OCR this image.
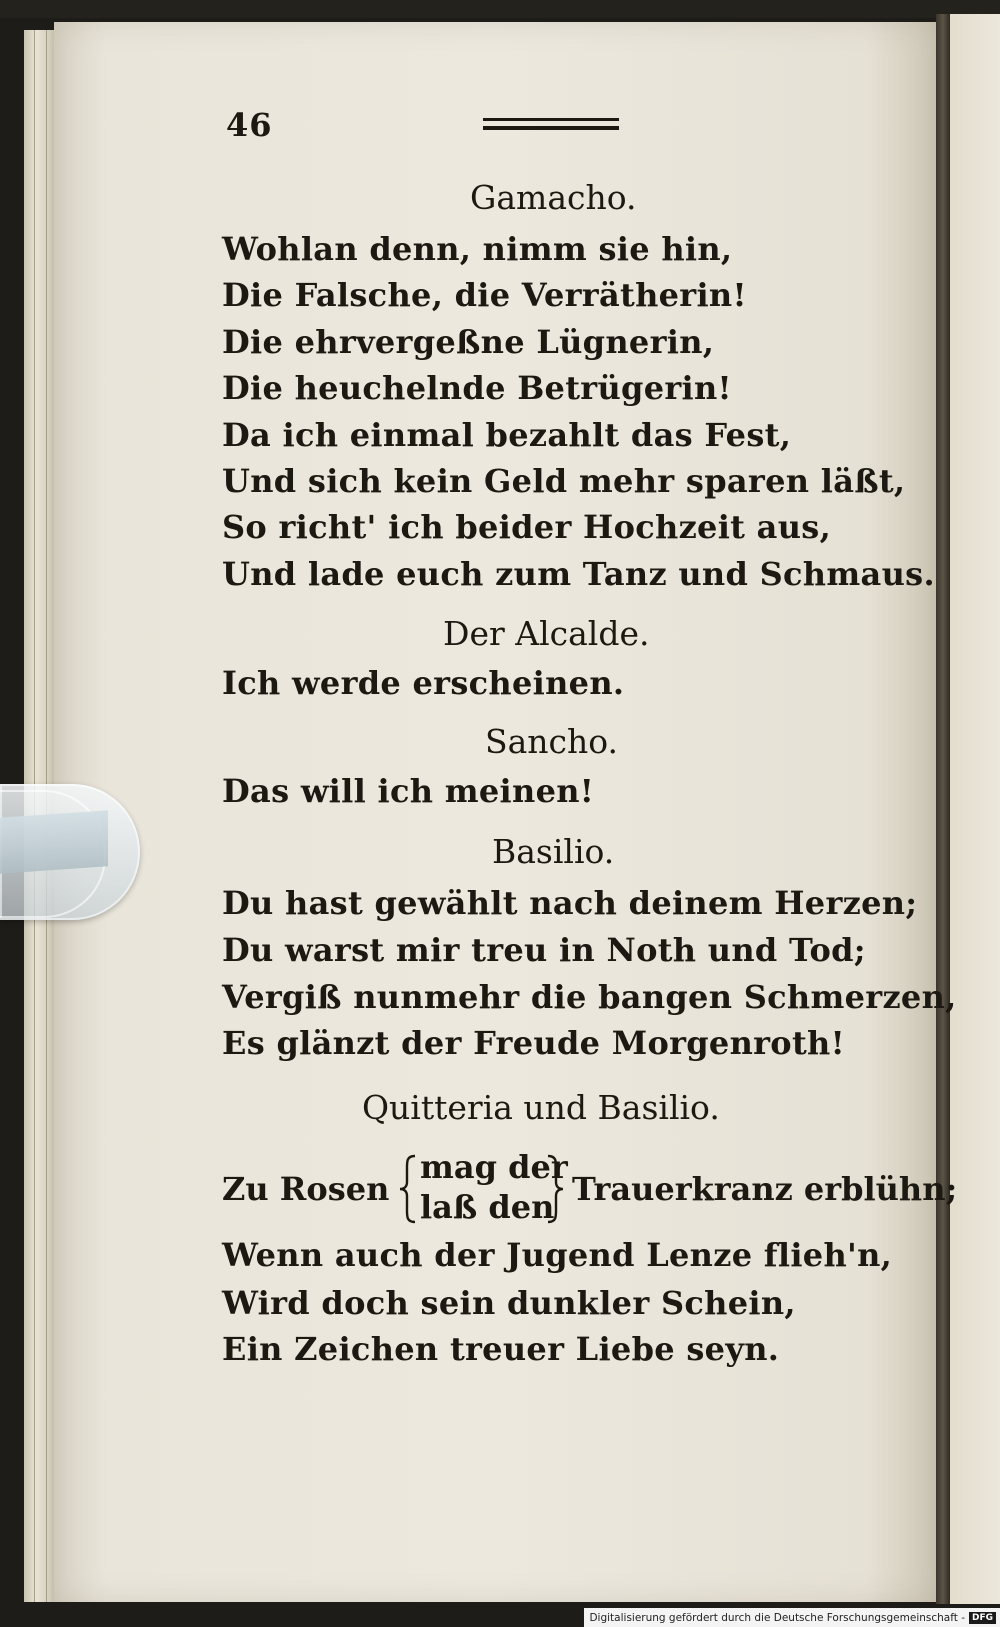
46
Gamacho.
Wohlan denn, nimm sie hin,
Die Falsche, die Verrätherin!
Die ehrvergeßne Lügnerin,
Die heuchelnde Betrügerin!
Da ich einmal bezahlt das Fest,
Und sich kein Geld mehr sparen läßt,
So richt' ich beider Hochzeit aus,
Und lade euch zum Tanz und Schmaus.
Der Alcalde.
Ich werde erscheinen.
Sancho.
Das will ich meinen!
Basilio.
Du hast gewählt nach deinem Herzen;
Du warst mir treu in Noth und Tod;
Vergiß nunmehr die bangen Schmerzen,
Es glänzt der Freude Morgenroth!
Quitteria und Basilio.
Zu Rosen
mag der
laß den Trauerkranz erblühn;
Wenn auch der Jugend Lenze flieh'n,
Wird doch sein dunkler Schein,
Ein Zeichen treuer Liebe seyn.
Digitalisierung gefördert durch die Deutsche Forschungsgemeinschaft - DFG
